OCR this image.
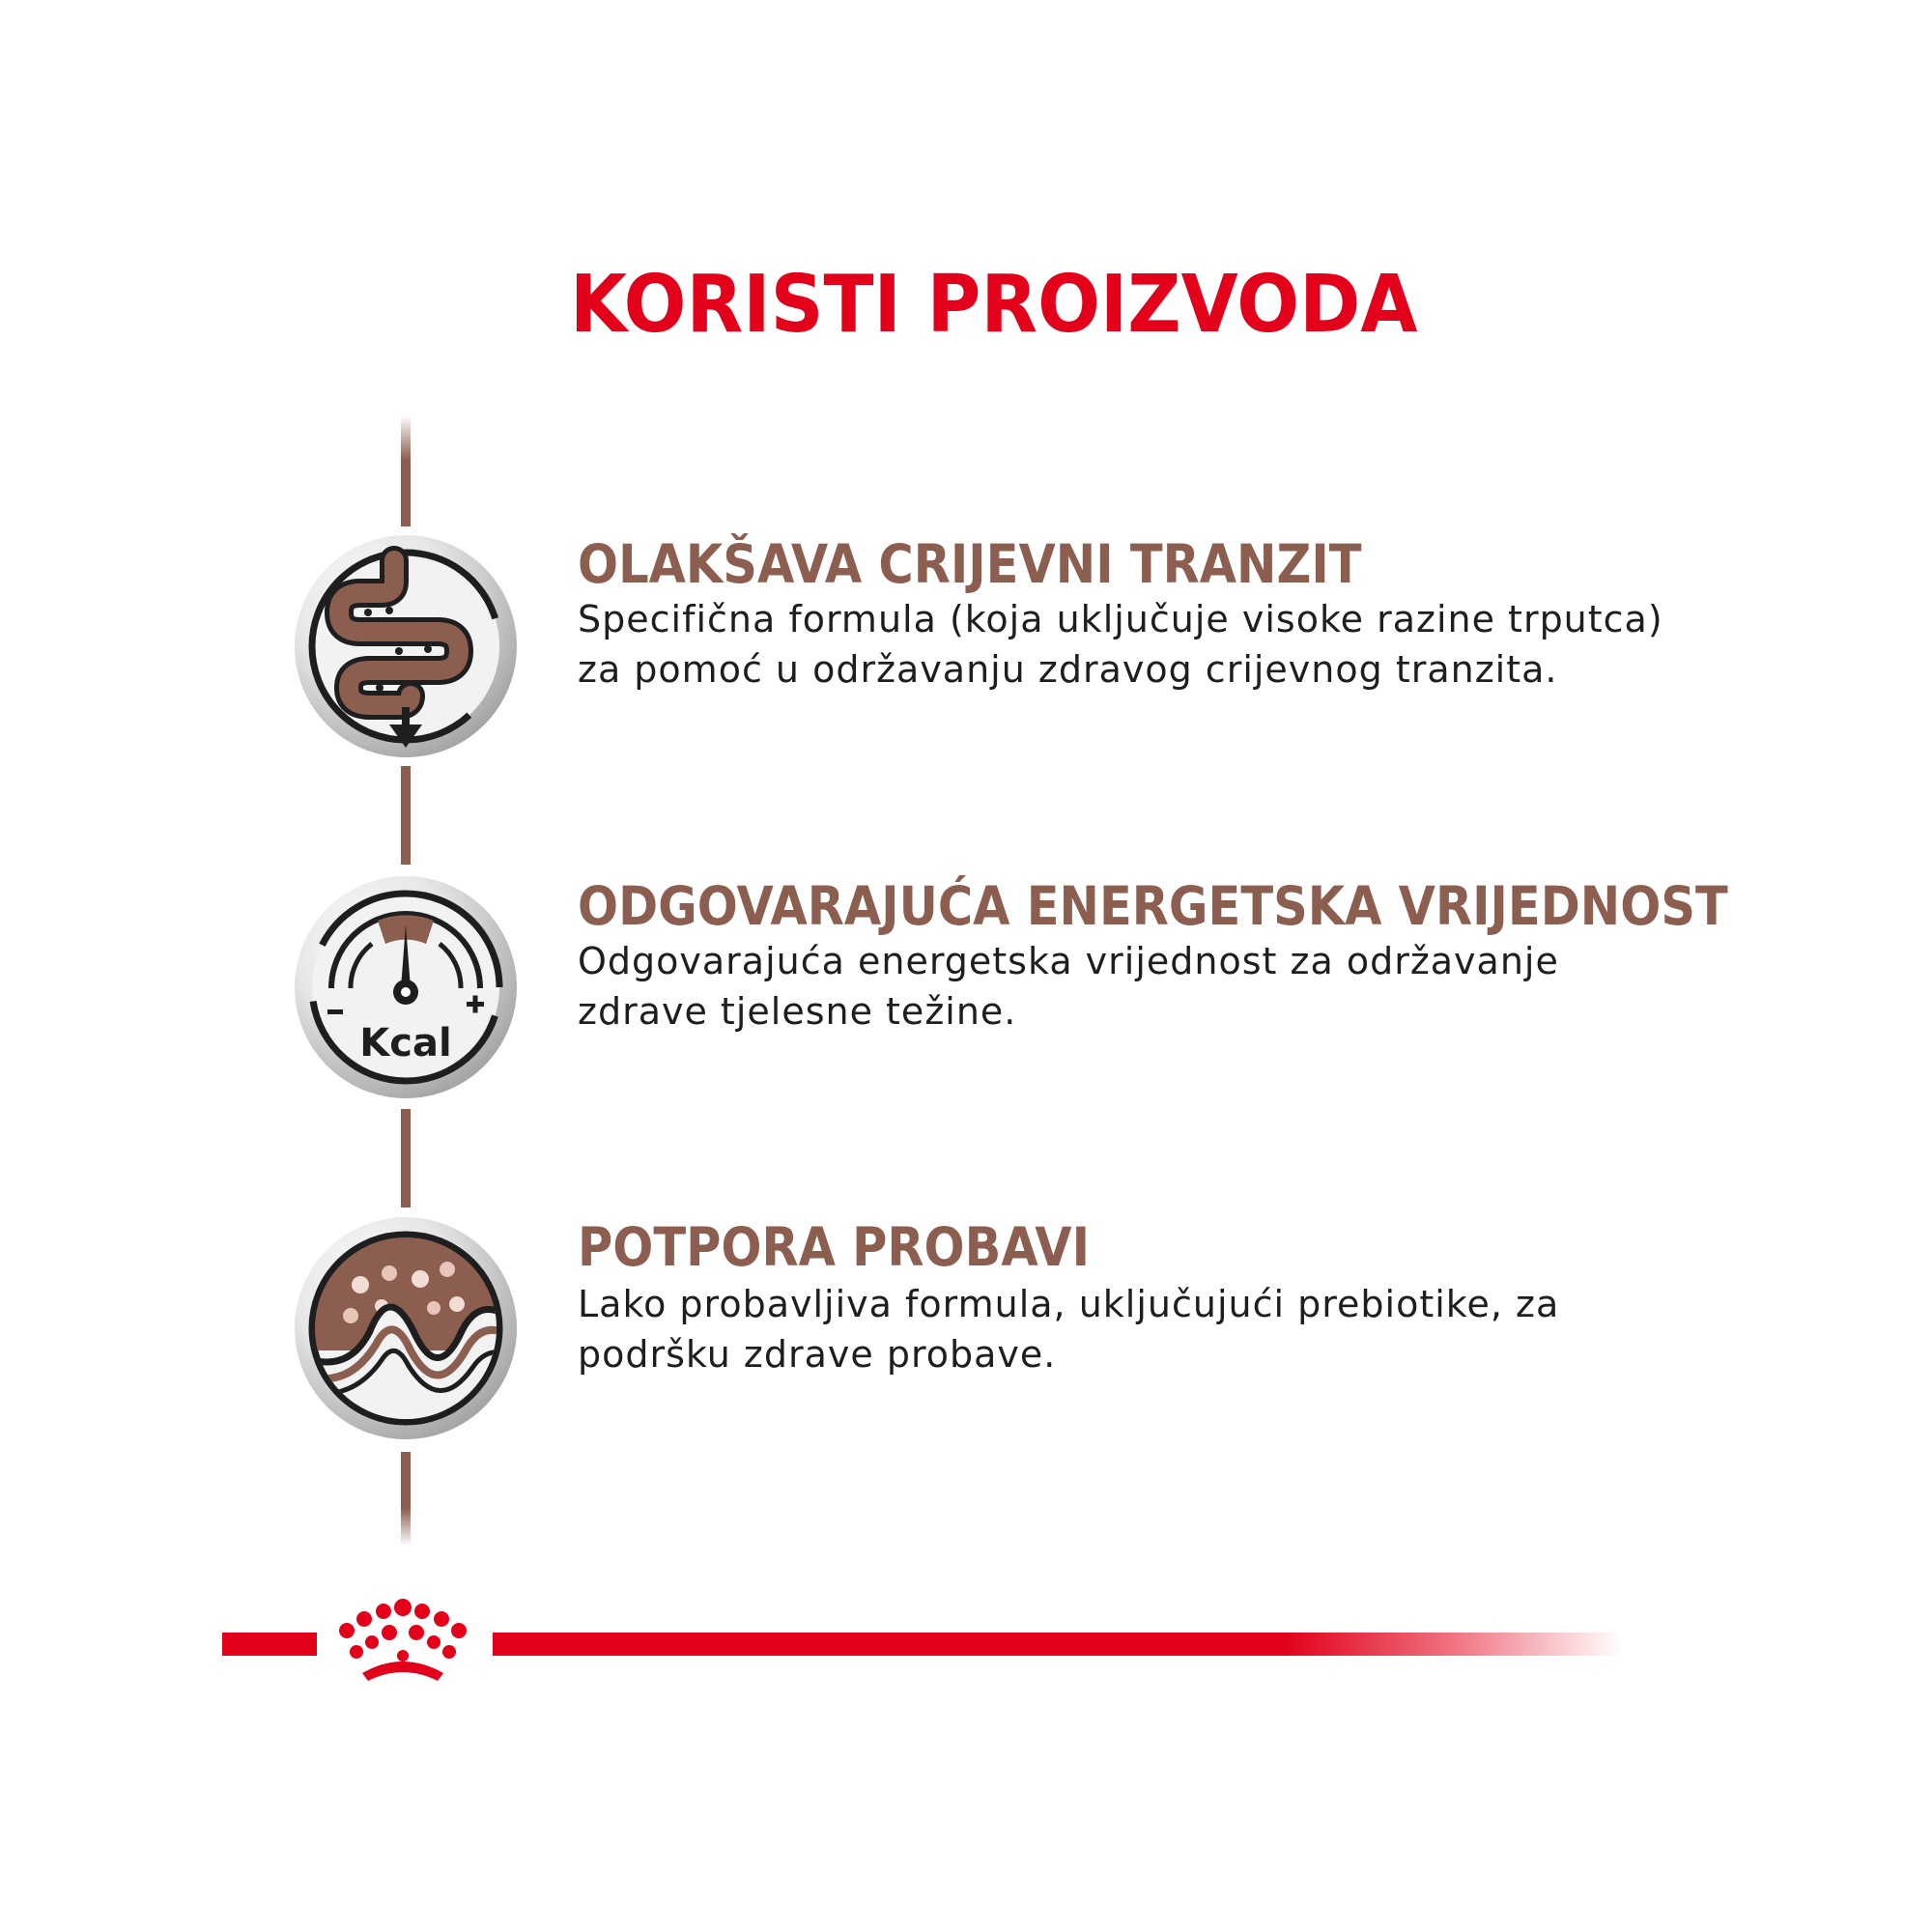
KORISTI PROIZVODA
OLAKŠAVA CRIJEVNI TRANZIT
Specifična formula (koja uključuje visoke razine trputca) za pomoć u održavanju zdravog crijevnog tranzita.
Kcal
ODGOVARAJUĆA ENERGETSKA VRIJEDNOST
Odgovarajuća energetska vrijednost za održavanje zdrave tjelesne težine.
POTPORA PROBAVI
Lako probavljiva formula, uključujući prebiotike, za podršku zdrave probave.
